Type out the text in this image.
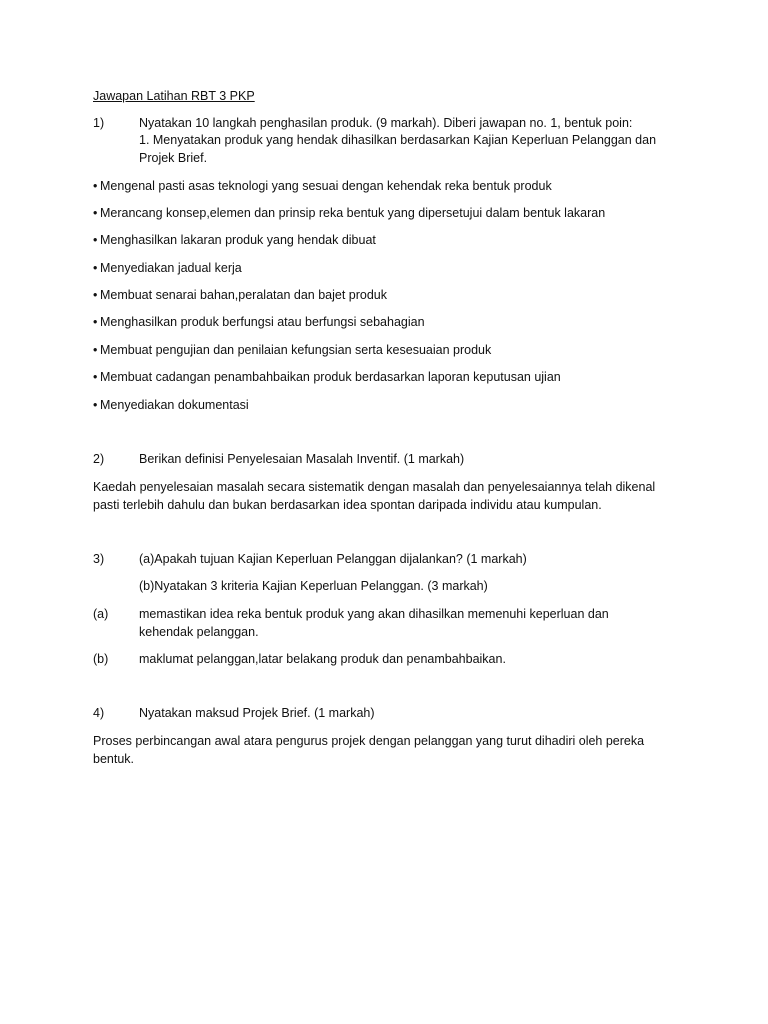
Jawapan Latihan RBT 3 PKP
1)	Nyatakan 10 langkah penghasilan produk. (9 markah). Diberi jawapan no. 1, bentuk poin:
1. Menyatakan produk yang hendak dihasilkan berdasarkan Kajian Keperluan Pelanggan dan
Projek Brief.
• Mengenal pasti asas teknologi yang sesuai dengan kehendak reka bentuk produk
• Merancang konsep,elemen dan prinsip reka bentuk yang dipersetujui dalam bentuk lakaran
• Menghasilkan lakaran produk yang hendak dibuat
• Menyediakan jadual kerja
• Membuat senarai bahan,peralatan dan bajet produk
• Menghasilkan produk berfungsi atau berfungsi sebahagian
• Membuat pengujian dan penilaian kefungsian serta kesesuaian produk
• Membuat cadangan penambahbaikan produk berdasarkan laporan keputusan ujian
• Menyediakan dokumentasi
2)	Berikan definisi Penyelesaian Masalah Inventif. (1 markah)
Kaedah penyelesaian masalah secara sistematik dengan masalah dan penyelesaiannya telah dikenal
pasti terlebih dahulu dan bukan berdasarkan idea spontan daripada individu atau kumpulan.
3)	(a)Apakah tujuan Kajian Keperluan Pelanggan dijalankan? (1 markah)
(b)Nyatakan 3 kriteria Kajian Keperluan Pelanggan. (3 markah)
(a) memastikan idea reka bentuk produk yang akan dihasilkan memenuhi keperluan dan
kehendak pelanggan.
(b) maklumat pelanggan,latar belakang produk dan penambahbaikan.
4)	Nyatakan maksud Projek Brief. (1 markah)
Proses perbincangan awal atara pengurus projek dengan pelanggan yang turut dihadiri oleh pereka
bentuk.
